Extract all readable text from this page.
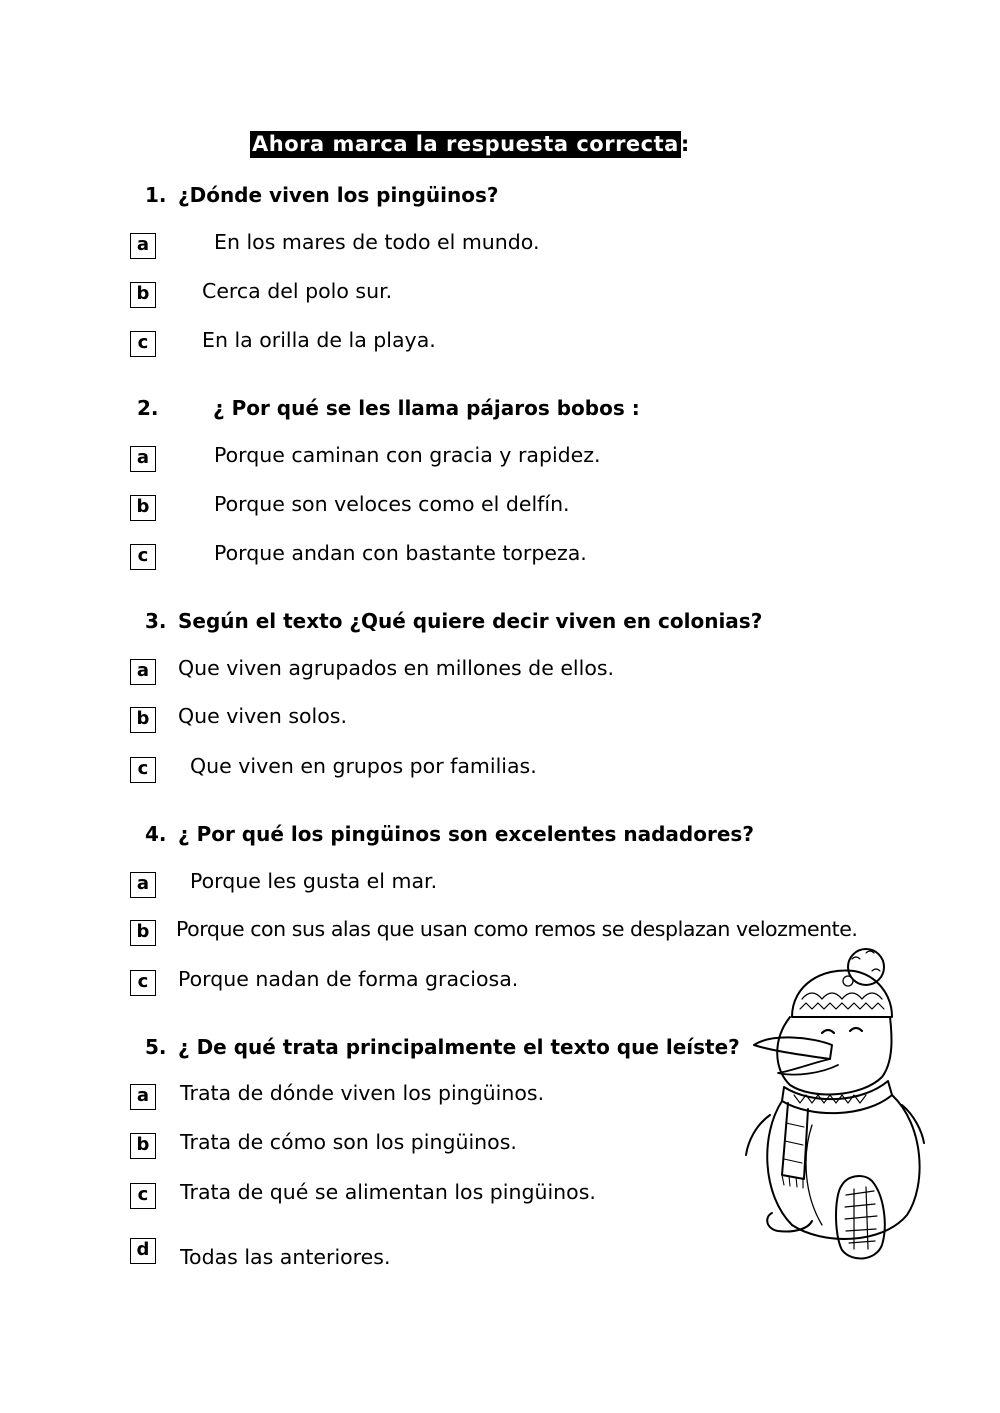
Ahora marca la respuesta correcta:
1. ¿Dónde viven los pingüinos?
a	En los mares de todo el mundo.
b	Cerca del polo sur.
c	En la orilla de la playa.
2.	¿ Por qué se les llama pájaros bobos :
a	Porque caminan con gracia y rapidez.
b	Porque son veloces como el delfín.
c	Porque andan con bastante torpeza.
3. Según el texto ¿Qué quiere decir viven en colonias?
a	Que viven agrupados en millones de ellos.
b	Que viven solos.
c	Que viven en grupos por familias.
4. ¿ Por qué los pingüinos son excelentes nadadores?
a	Porque les gusta el mar.
b	Porque con sus alas que usan como remos se desplazan velozmente.
c	Porque nadan de forma graciosa.
5. ¿ De qué trata principalmente el texto que leíste?
a	Trata de dónde viven los pingüinos.
b	Trata de cómo son los pingüinos.
c	Trata de qué se alimentan los pingüinos.
d	Todas las anteriores.
